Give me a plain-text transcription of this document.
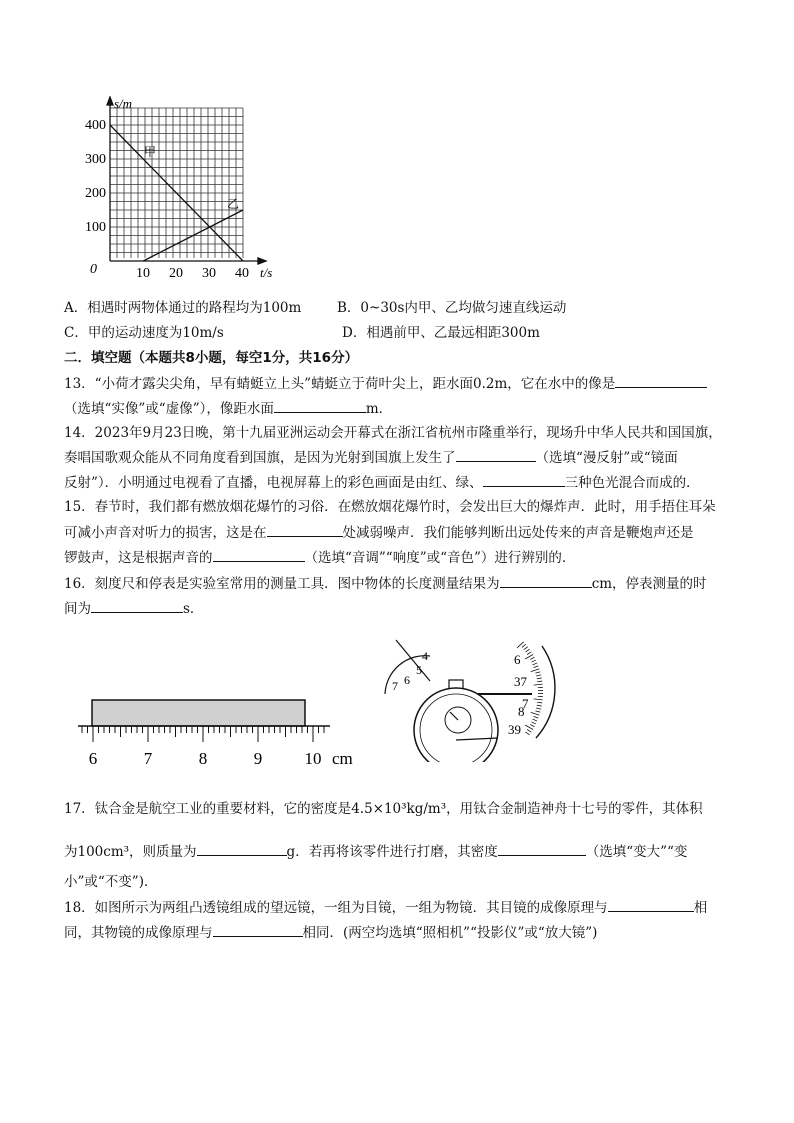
s/m
t/s
0
100
200
300
400
10 20 30 40
甲
乙
A．相遇时两物体通过的路程均为100m	B．0~30s内甲、乙均做匀速直线运动
C．甲的运动速度为10m/s	D．相遇前甲、乙最远相距300m
二．填空题（本题共8小题，每空1分，共16分）
13．“小荷才露尖尖角，早有蜻蜓立上头”蜻蜓立于荷叶尖上，距水面0.2m，它在水中的像是
（选填“实像”或“虚像”），像距水面	m．
14．2023年9月23日晚，第十九届亚洲运动会开幕式在浙江省杭州市隆重举行，现场升中华人民共和国国旗，
奏唱国歌观众能从不同角度看到国旗，是因为光射到国旗上发生了	（选填“漫反射”或“镜面
反射”）．小明通过电视看了直播，电视屏幕上的彩色画面是由红、绿、	三种色光混合而成的．
15．春节时，我们都有燃放烟花爆竹的习俗．在燃放烟花爆竹时，会发出巨大的爆炸声．此时，用手捂住耳朵
可减小声音对听力的损害，这是在	处减弱噪声．我们能够判断出远处传来的声音是鞭炮声还是
锣鼓声，这是根据声音的	（选填“音调”“响度”或“音色”）进行辨别的．
16．刻度尺和停表是实验室常用的测量工具．图中物体的长度测量结果为	cm，停表测量的时
间为	s．
6	7	8	9 10 cm
4
5
6
7
6
37
7
8
39
17．钛合金是航空工业的重要材料，它的密度是4.5×10³kg/m³，用钛合金制造神舟十七号的零件，其体积
为100cm³，则质量为	g．若再将该零件进行打磨，其密度	（选填“变大”“变
小”或“不变”)．
18．如图所示为两组凸透镜组成的望远镜，一组为目镜，一组为物镜．其目镜的成像原理与	相
同，其物镜的成像原理与	相同．(两空均选填“照相机”“投影仪”或“放大镜”)
